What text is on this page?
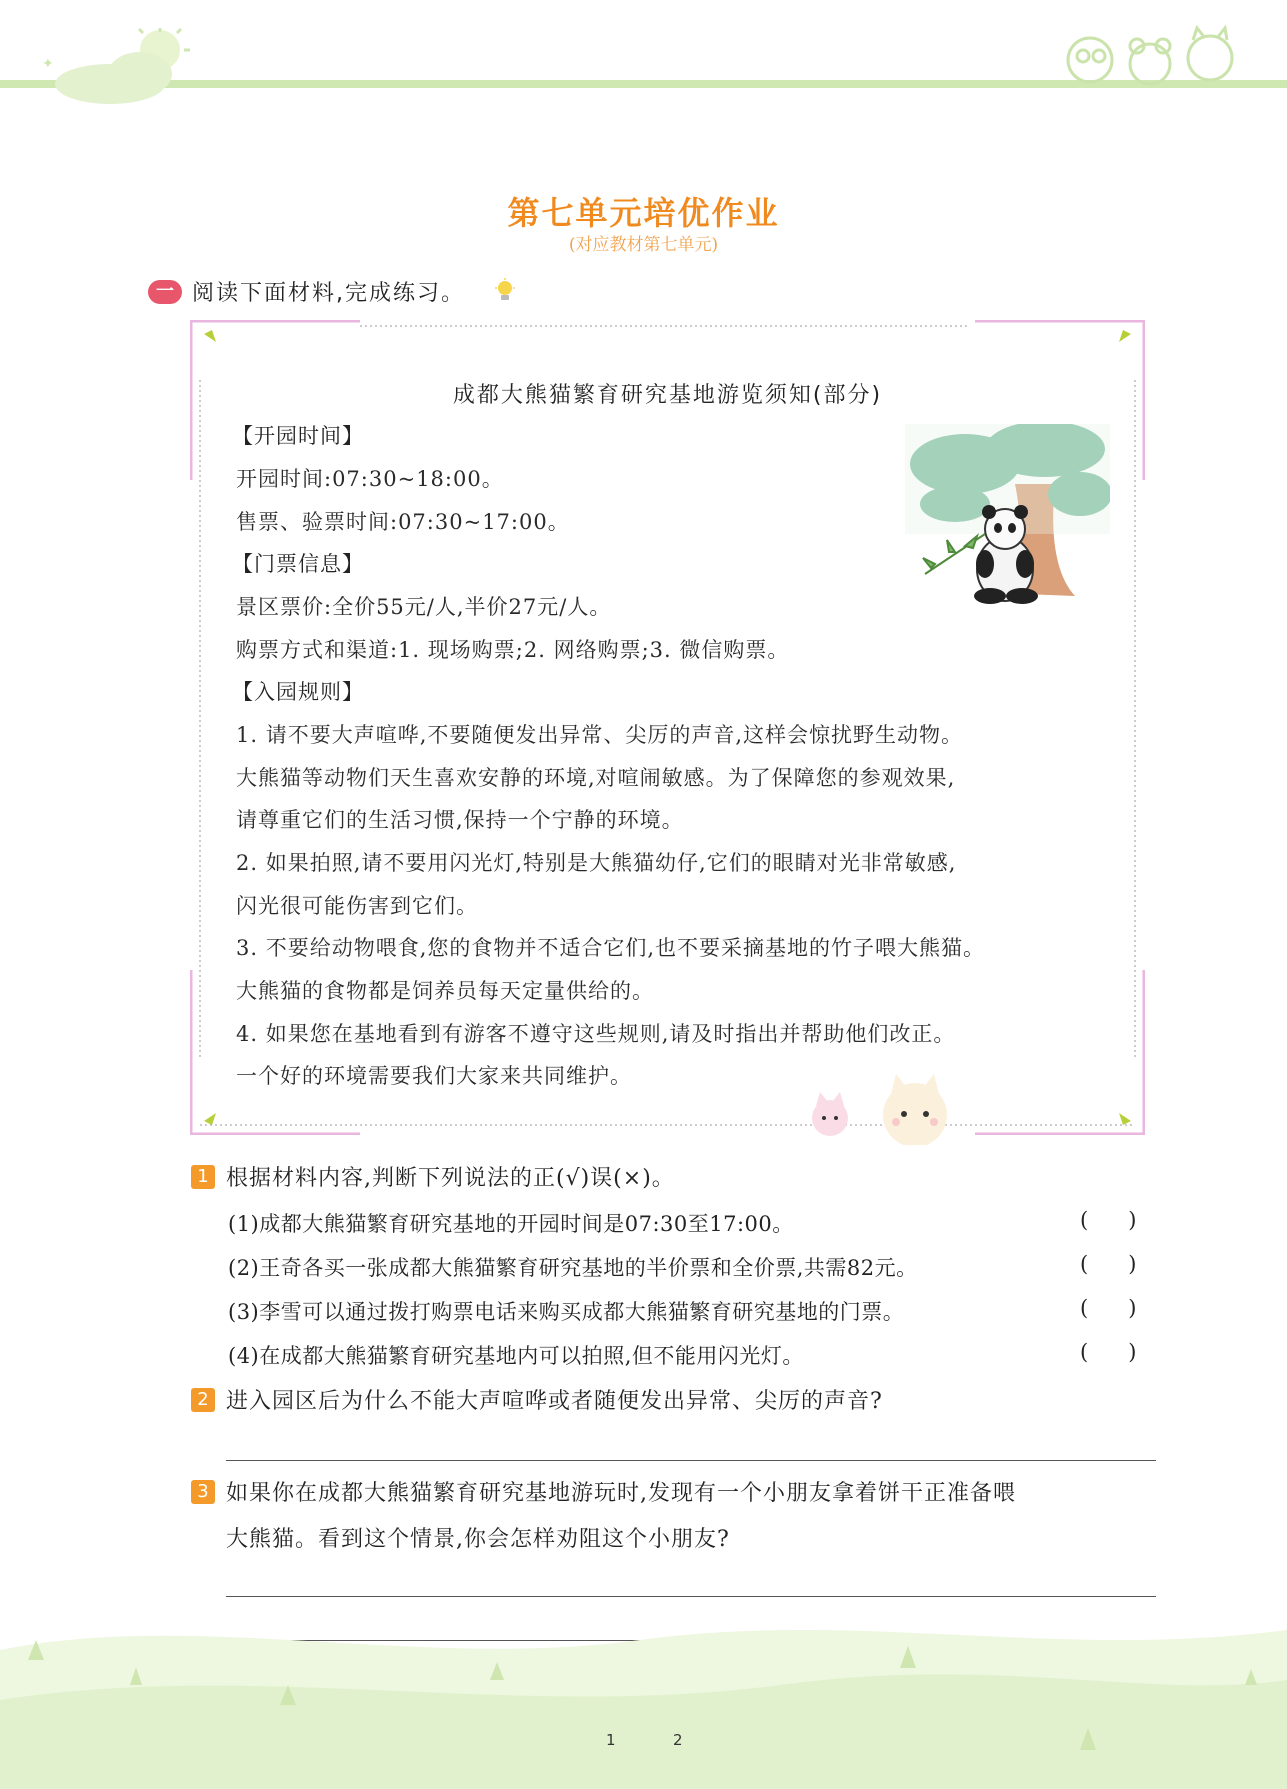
✦
第七单元培优作业
(对应教材第七单元)
一 阅读下面材料,完成练习。
成都大熊猫繁育研究基地游览须知(部分)
【开园时间】
开园时间:07:30~18:00。
售票、验票时间:07:30~17:00。
【门票信息】
景区票价:全价55元/人,半价27元/人。
购票方式和渠道:1. 现场购票;2. 网络购票;3. 微信购票。
【入园规则】
1. 请不要大声喧哗,不要随便发出异常、尖厉的声音,这样会惊扰野生动物。
大熊猫等动物们天生喜欢安静的环境,对喧闹敏感。为了保障您的参观效果,
请尊重它们的生活习惯,保持一个宁静的环境。
2. 如果拍照,请不要用闪光灯,特别是大熊猫幼仔,它们的眼睛对光非常敏感,
闪光很可能伤害到它们。
3. 不要给动物喂食,您的食物并不适合它们,也不要采摘基地的竹子喂大熊猫。
大熊猫的食物都是饲养员每天定量供给的。
4. 如果您在基地看到有游客不遵守这些规则,请及时指出并帮助他们改正。
一个好的环境需要我们大家来共同维护。
1 根据材料内容,判断下列说法的正(√)误(×)。
(1)成都大熊猫繁育研究基地的开园时间是07:30至17:00。	(      )
(2)王奇各买一张成都大熊猫繁育研究基地的半价票和全价票,共需82元。	(      )
(3)李雪可以通过拨打购票电话来购买成都大熊猫繁育研究基地的门票。	(      )
(4)在成都大熊猫繁育研究基地内可以拍照,但不能用闪光灯。	(      )
2 进入园区后为什么不能大声喧哗或者随便发出异常、尖厉的声音?
3 如果你在成都大熊猫繁育研究基地游玩时,发现有一个小朋友拿着饼干正准备喂
大熊猫。看到这个情景,你会怎样劝阻这个小朋友?
1	2
